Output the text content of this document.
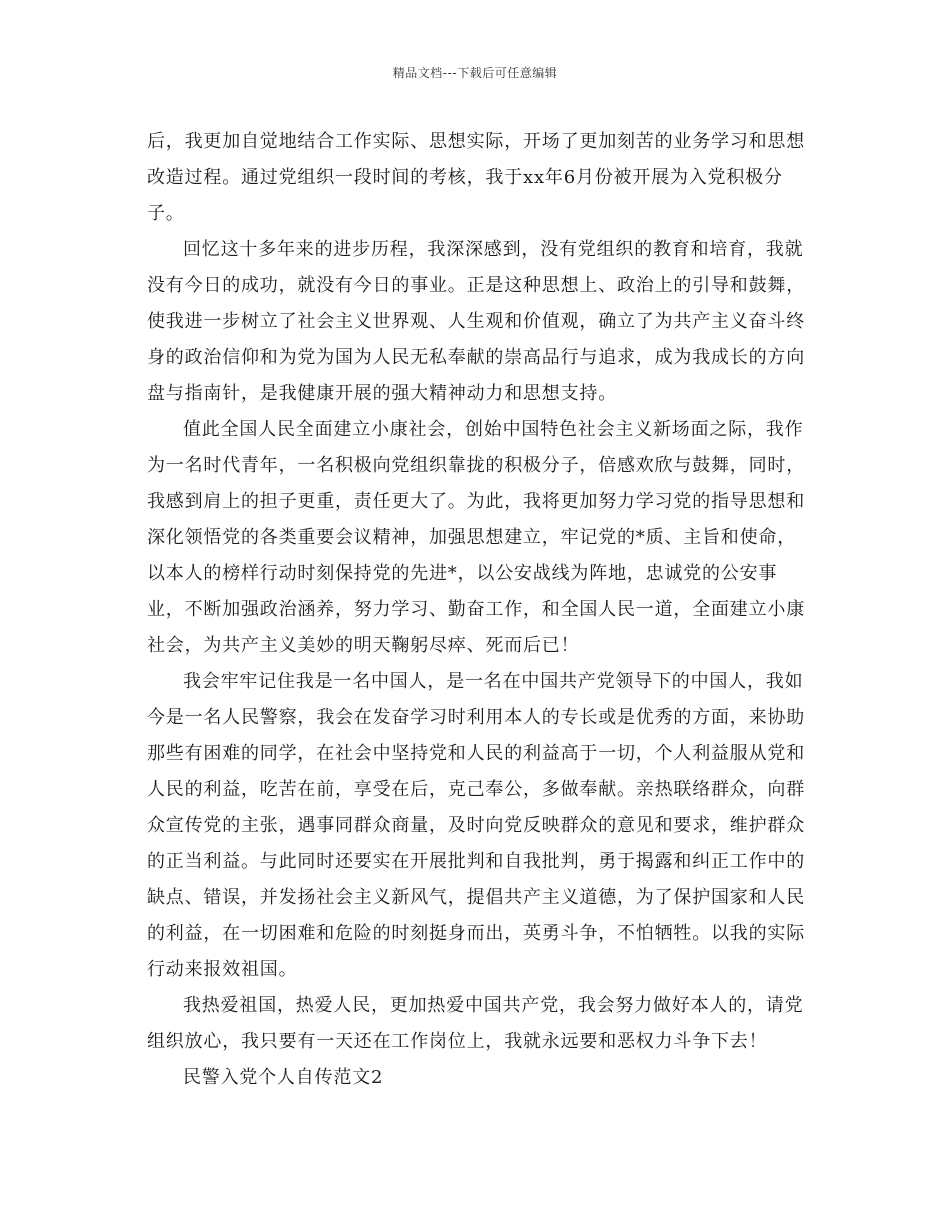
精品文档---下载后可任意编辑
后，我更加自觉地结合工作实际、思想实际，开场了更加刻苦的业务学习和思想
改造过程。通过党组织一段时间的考核，我于xx年6月份被开展为入党积极分
子。
回忆这十多年来的进步历程，我深深感到，没有党组织的教育和培育，我就
没有今日的成功，就没有今日的事业。正是这种思想上、政治上的引导和鼓舞，
使我进一步树立了社会主义世界观、人生观和价值观，确立了为共产主义奋斗终
身的政治信仰和为党为国为人民无私奉献的崇高品行与追求，成为我成长的方向
盘与指南针，是我健康开展的强大精神动力和思想支持。
值此全国人民全面建立小康社会，创始中国特色社会主义新场面之际，我作
为一名时代青年，一名积极向党组织靠拢的积极分子，倍感欢欣与鼓舞，同时，
我感到肩上的担子更重，责任更大了。为此，我将更加努力学习党的指导思想和
深化领悟党的各类重要会议精神，加强思想建立，牢记党的*质、主旨和使命，
以本人的榜样行动时刻保持党的先进*，以公安战线为阵地，忠诚党的公安事
业，不断加强政治涵养，努力学习、勤奋工作，和全国人民一道，全面建立小康
社会，为共产主义美妙的明天鞠躬尽瘁、死而后已！
我会牢牢记住我是一名中国人，是一名在中国共产党领导下的中国人，我如
今是一名人民警察，我会在发奋学习时利用本人的专长或是优秀的方面，来协助
那些有困难的同学，在社会中坚持党和人民的利益高于一切，个人利益服从党和
人民的利益，吃苦在前，享受在后，克己奉公，多做奉献。亲热联络群众，向群
众宣传党的主张，遇事同群众商量，及时向党反映群众的意见和要求，维护群众
的正当利益。与此同时还要实在开展批判和自我批判，勇于揭露和纠正工作中的
缺点、错误，并发扬社会主义新风气，提倡共产主义道德，为了保护国家和人民
的利益，在一切困难和危险的时刻挺身而出，英勇斗争，不怕牺牲。以我的实际
行动来报效祖国。
我热爱祖国，热爱人民，更加热爱中国共产党，我会努力做好本人的，请党
组织放心，我只要有一天还在工作岗位上，我就永远要和恶权力斗争下去！
民警入党个人自传范文2
